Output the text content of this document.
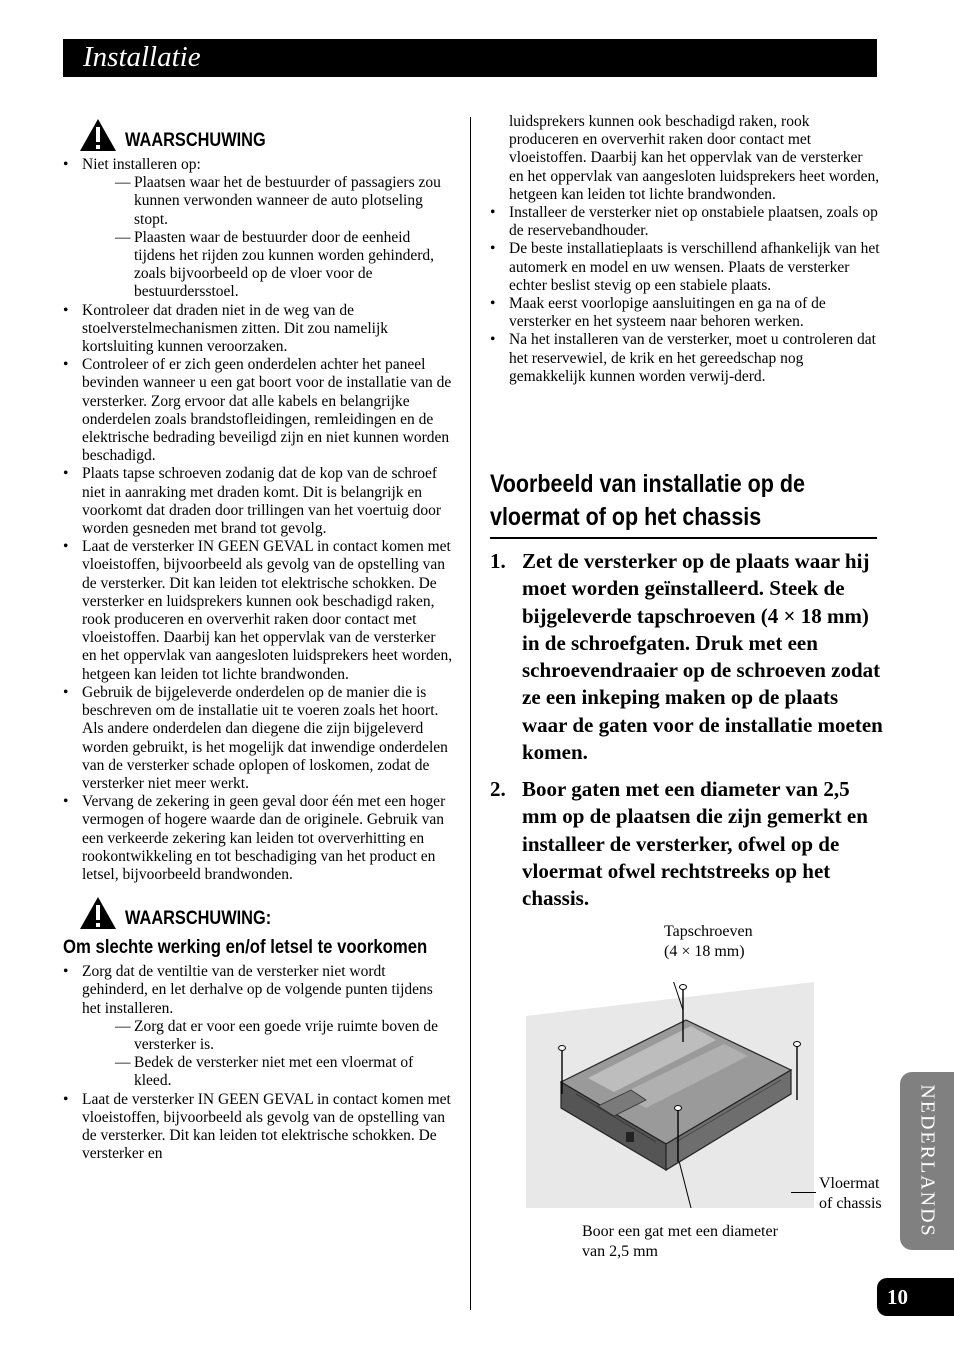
Installatie
WAARSCHUWING
• Niet installeren op:
— Plaatsen waar het de bestuurder of passagiers zou kunnen verwonden wanneer de auto plotseling stopt.
— Plaasten waar de bestuurder door de eenheid tijdens het rijden zou kunnen worden gehinderd, zoals bijvoorbeeld op de vloer voor de bestuurdersstoel.
• Kontroleer dat draden niet in de weg van de stoelverstelmechanismen zitten. Dit zou namelijk kortsluiting kunnen veroorzaken.
• Controleer of er zich geen onderdelen achter het paneel bevinden wanneer u een gat boort voor de installatie van de versterker. Zorg ervoor dat alle kabels en belangrijke onderdelen zoals brandstofleidingen, remleidingen en de elektrische bedrading beveiligd zijn en niet kunnen worden beschadigd.
• Plaats tapse schroeven zodanig dat de kop van de schroef niet in aanraking met draden komt. Dit is belangrijk en voorkomt dat draden door trillingen van het voertuig door worden gesneden met brand tot gevolg.
• Laat de versterker IN GEEN GEVAL in contact komen met vloeistoffen, bijvoorbeeld als gevolg van de opstelling van de versterker. Dit kan leiden tot elektrische schokken. De versterker en luidsprekers kunnen ook beschadigd raken, rook produceren en oververhit raken door contact met vloeistoffen. Daarbij kan het oppervlak van de versterker en het oppervlak van aangesloten luidsprekers heet worden, hetgeen kan leiden tot lichte brandwonden.
• Gebruik de bijgeleverde onderdelen op de manier die is beschreven om de installatie uit te voeren zoals het hoort. Als andere onderdelen dan diegene die zijn bijgeleverd worden gebruikt, is het mogelijk dat inwendige onderdelen van de versterker schade oplopen of loskomen, zodat de versterker niet meer werkt.
• Vervang de zekering in geen geval door één met een hoger vermogen of hogere waarde dan de originele. Gebruik van een verkeerde zekering kan leiden tot oververhitting en rookontwikkeling en tot beschadiging van het product en letsel, bijvoorbeeld brandwonden.
WAARSCHUWING:
Om slechte werking en/of letsel te voorkomen
• Zorg dat de ventiltie van de versterker niet wordt gehinderd, en let derhalve op de volgende punten tijdens het installeren.
— Zorg dat er voor een goede vrije ruimte boven de versterker is.
— Bedek de versterker niet met een vloermat of kleed.
• Laat de versterker IN GEEN GEVAL in contact komen met vloeistoffen, bijvoorbeeld als gevolg van de opstelling van de versterker. Dit kan leiden tot elektrische schokken. De versterker en
luidsprekers kunnen ook beschadigd raken, rook produceren en oververhit raken door contact met vloeistoffen. Daarbij kan het oppervlak van de versterker en het oppervlak van aangesloten luidsprekers heet worden, hetgeen kan leiden tot lichte brandwonden.
• Installeer de versterker niet op onstabiele plaatsen, zoals op de reservebandhouder.
• De beste installatieplaats is verschillend afhankelijk van het automerk en model en uw wensen. Plaats de versterker echter beslist stevig op een stabiele plaats.
• Maak eerst voorlopige aansluitingen en ga na of de versterker en het systeem naar behoren werken.
• Na het installeren van de versterker, moet u controleren dat het reservewiel, de krik en het gereedschap nog gemakkelijk kunnen worden verwij-derd.
Voorbeeld van installatie op de
vloermat of op het chassis
1. Zet de versterker op de plaats waar hij moet worden geïnstalleerd. Steek de bijgeleverde tapschroeven (4 × 18 mm) in de schroefgaten. Druk met een schroevendraaier op de schroeven zodat ze een inkeping maken op de plaats waar de gaten voor de installatie moeten komen.
2. Boor gaten met een diameter van 2,5 mm op de plaatsen die zijn gemerkt en installeer de versterker, ofwel op de vloermat ofwel rechtstreeks op het chassis.
Tapschroeven
(4 × 18 mm)
Vloermat
of chassis
Boor een gat met een diameter
van 2,5 mm
NEDERLANDS
10
